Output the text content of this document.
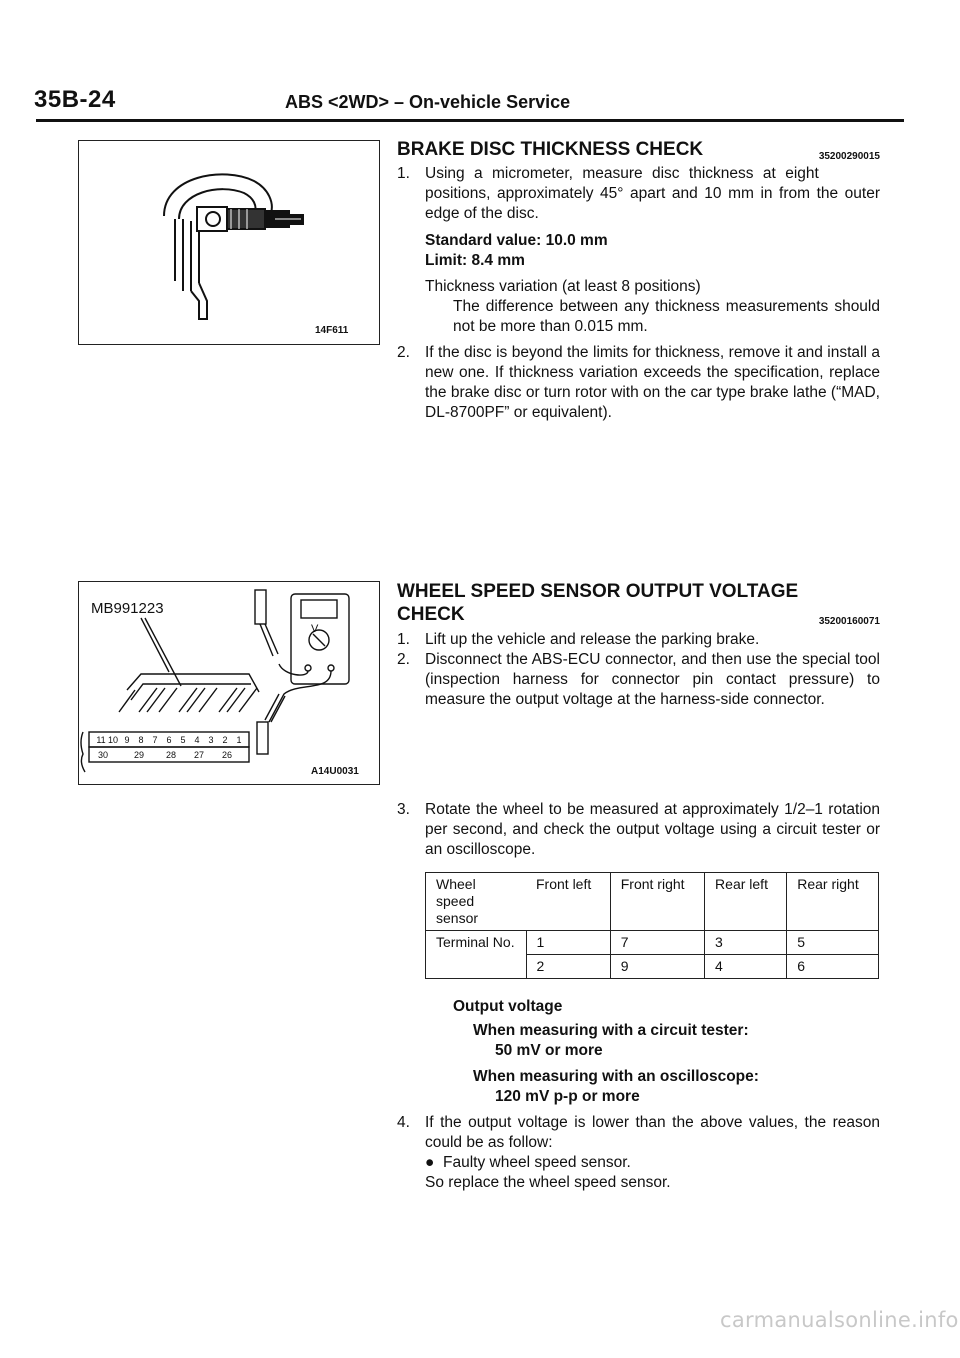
35B-24	ABS <2WD> – On-vehicle Service
14F611
11 10 9 8 7 6 5 4 3 2 1
30	29 28 27 26
V
MB991223
A14U0031
BRAKE DISC THICKNESS CHECK	35200290015
1. Using a micrometer, measure disc thickness at eight positions, approximately 45° apart and 10 mm in from the outer edge of the disc.
Standard value: 10.0 mm
Limit: 8.4 mm
Thickness variation (at least 8 positions)
The difference between any thickness measurements should not be more than 0.015 mm.
2. If the disc is beyond the limits for thickness, remove it and install a new one. If thickness variation exceeds the specification, replace the brake disc or turn rotor with on the car type brake lathe (“MAD, DL-8700PF” or equivalent).
WHEEL SPEED SENSOR OUTPUT VOLTAGE
CHECK	35200160071
1. Lift up the vehicle and release the parking brake.
2. Disconnect the ABS-ECU connector, and then use the special tool (inspection harness for connector pin contact pressure) to measure the output voltage at the harness-side connector.
3. Rotate the wheel to be measured at approximately 1/2–1 rotation per second, and check the output voltage using a circuit tester or an oscilloscope.
Wheel speed sensor	Front left	Front right	Rear left	Rear right
Terminal No.	1	7	3	5
	2	9	4	6
Output voltage
When measuring with a circuit tester:
50 mV or more
When measuring with an oscilloscope:
120 mV p-p or more
4. If the output voltage is lower than the above values, the reason could be as follow:
● Faulty wheel speed sensor.
So replace the wheel speed sensor.
carmanualsonline.info
